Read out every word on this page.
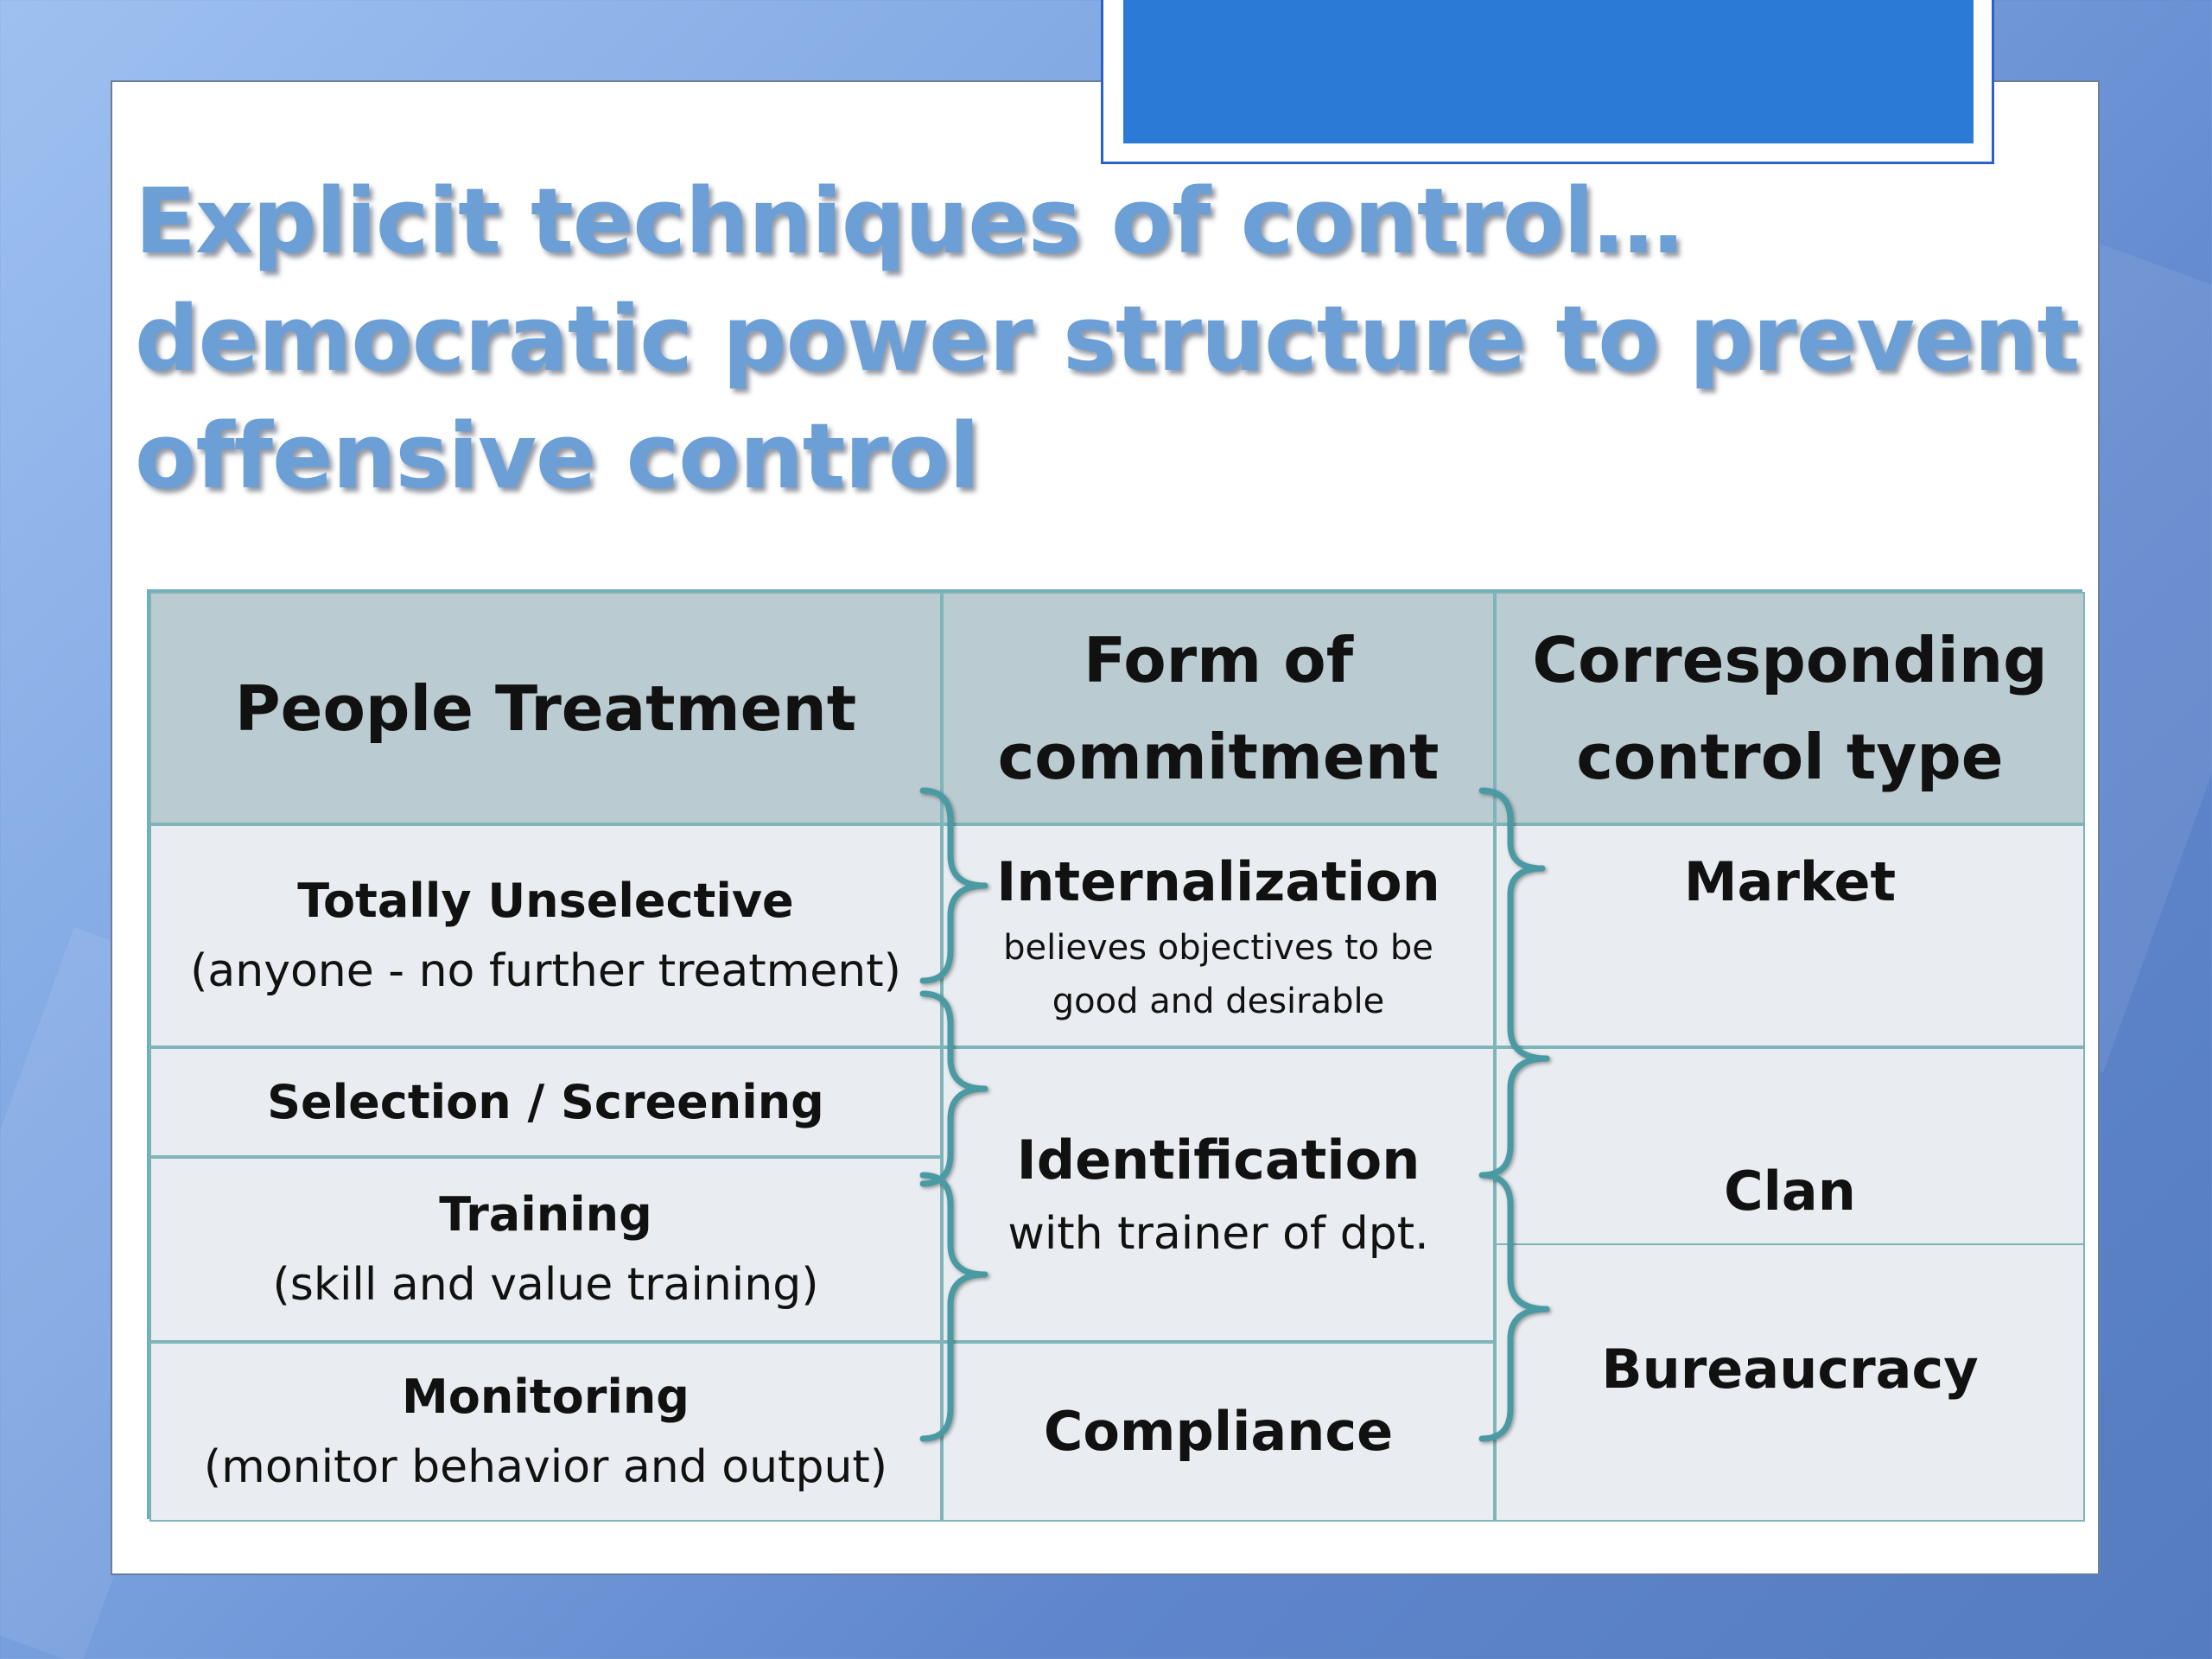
Explicit techniques of control…
democratic power structure to prevent
offensive control
People Treatment
Form of
commitment
Corresponding
control type
Totally Unselective
(anyone - no further treatment)
Selection / Screening
Training
(skill and value training)
Monitoring
(monitor behavior and output)
Internalization
believes objectives to be
good and desirable
Identification
with trainer of dpt.
Compliance
Market
Clan
Bureaucracy
